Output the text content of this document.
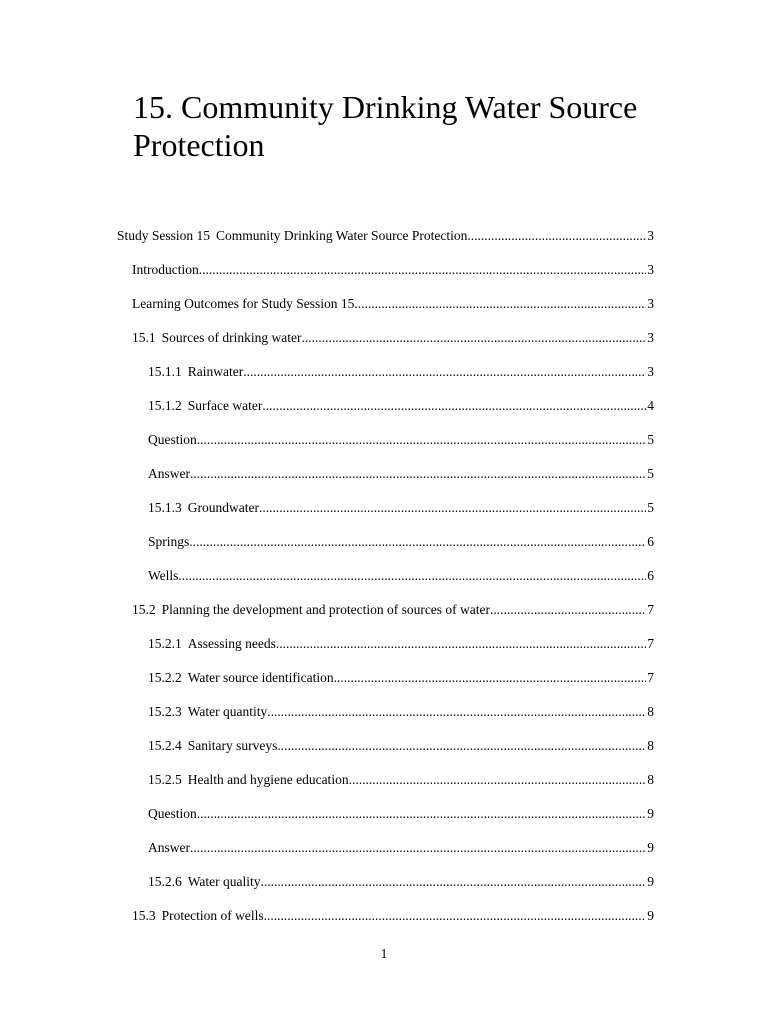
15. Community Drinking Water Source Protection
Study Session 15 Community Drinking Water Source Protection .....	3
Introduction .....	3
Learning Outcomes for Study Session 15 .....	3
15.1 Sources of drinking water .....	3
15.1.1 Rainwater .....	3
15.1.2 Surface water .....	4
Question .....	5
Answer .....	5
15.1.3 Groundwater .....	5
Springs .....	6
Wells .....	6
15.2 Planning the development and protection of sources of water .....	7
15.2.1 Assessing needs .....	7
15.2.2 Water source identification .....	7
15.2.3 Water quantity .....	8
15.2.4 Sanitary surveys .....	8
15.2.5 Health and hygiene education .....	8
Question .....	9
Answer .....	9
15.2.6 Water quality .....	9
15.3 Protection of wells .....	9
1
